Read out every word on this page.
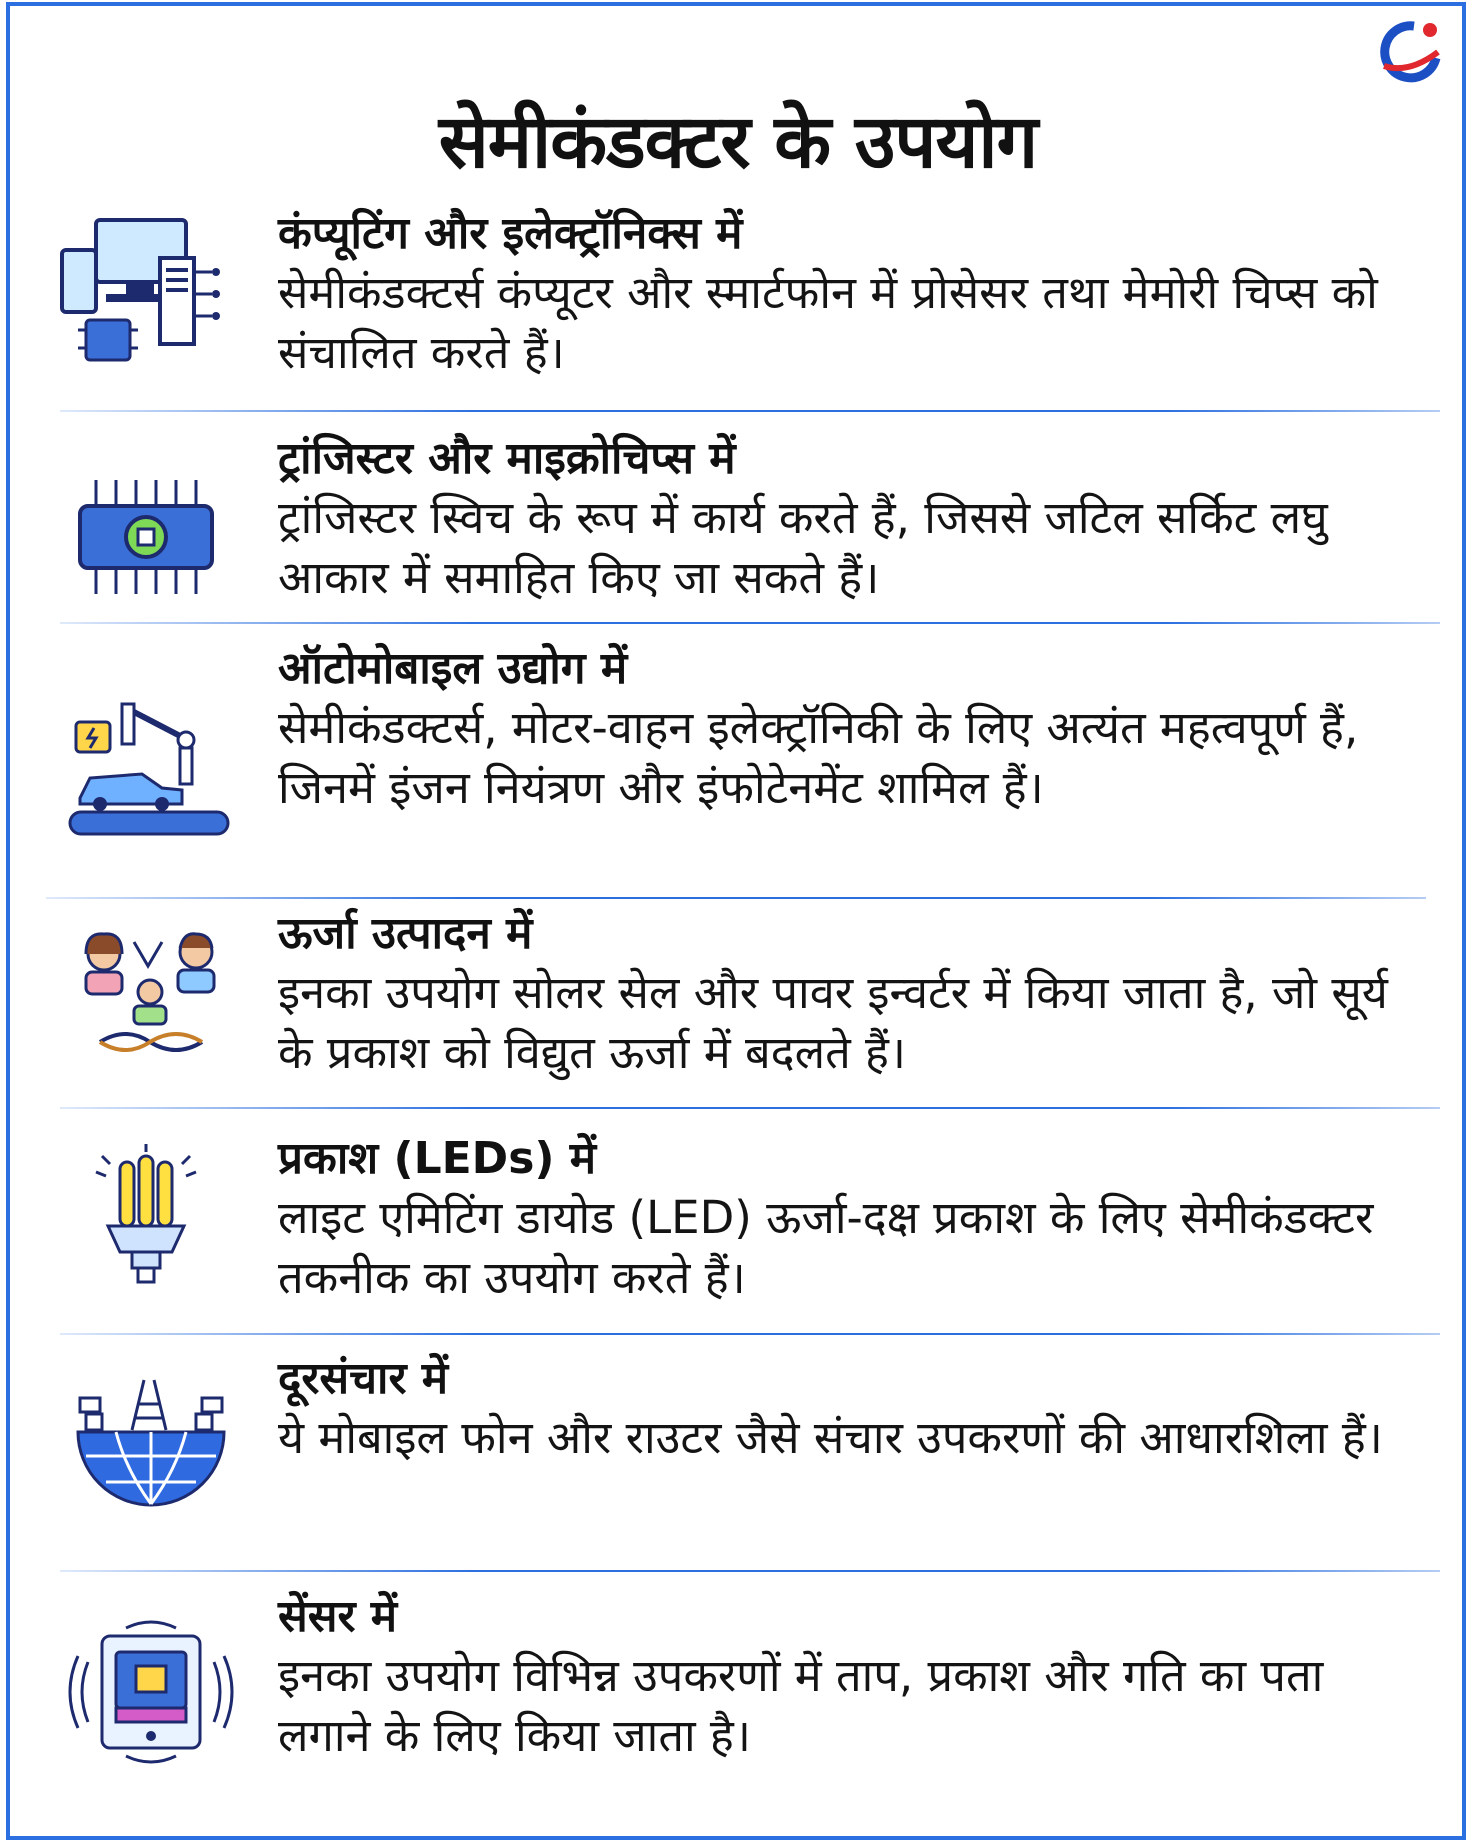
सेमीकंडक्टर के उपयोग

कंप्यूटिंग और इलेक्ट्रॉनिक्स में

सेमीकंडक्टर्स कंप्यूटर और स्मार्टफोन में प्रोसेसर तथा मेमोरी चिप्स को संचालित करते हैं।

ट्रांजिस्टर और माइक्रोचिप्स में

ट्रांजिस्टर स्विच के रूप में कार्य करते हैं, जिससे जटिल सर्किट लघु आकार में समाहित किए जा सकते हैं।

ऑटोमोबाइल उद्योग में

सेमीकंडक्टर्स, मोटर-वाहन इलेक्ट्रॉनिकी के लिए अत्यंत महत्वपूर्ण हैं, जिनमें इंजन नियंत्रण और इंफोटेनमेंट शामिल हैं।

ऊर्जा उत्पादन में

इनका उपयोग सोलर सेल और पावर इन्वर्टर में किया जाता है, जो सूर्य के प्रकाश को विद्युत ऊर्जा में बदलते हैं।

प्रकाश (LEDs) में

लाइट एमिटिंग डायोड (LED) ऊर्जा-दक्ष प्रकाश के लिए सेमीकंडक्टर तकनीक का उपयोग करते हैं।

दूरसंचार में

ये मोबाइल फोन और राउटर जैसे संचार उपकरणों की आधारशिला हैं।

सेंसर में

इनका उपयोग विभिन्न उपकरणों में ताप, प्रकाश और गति का पता लगाने के लिए किया जाता है।
